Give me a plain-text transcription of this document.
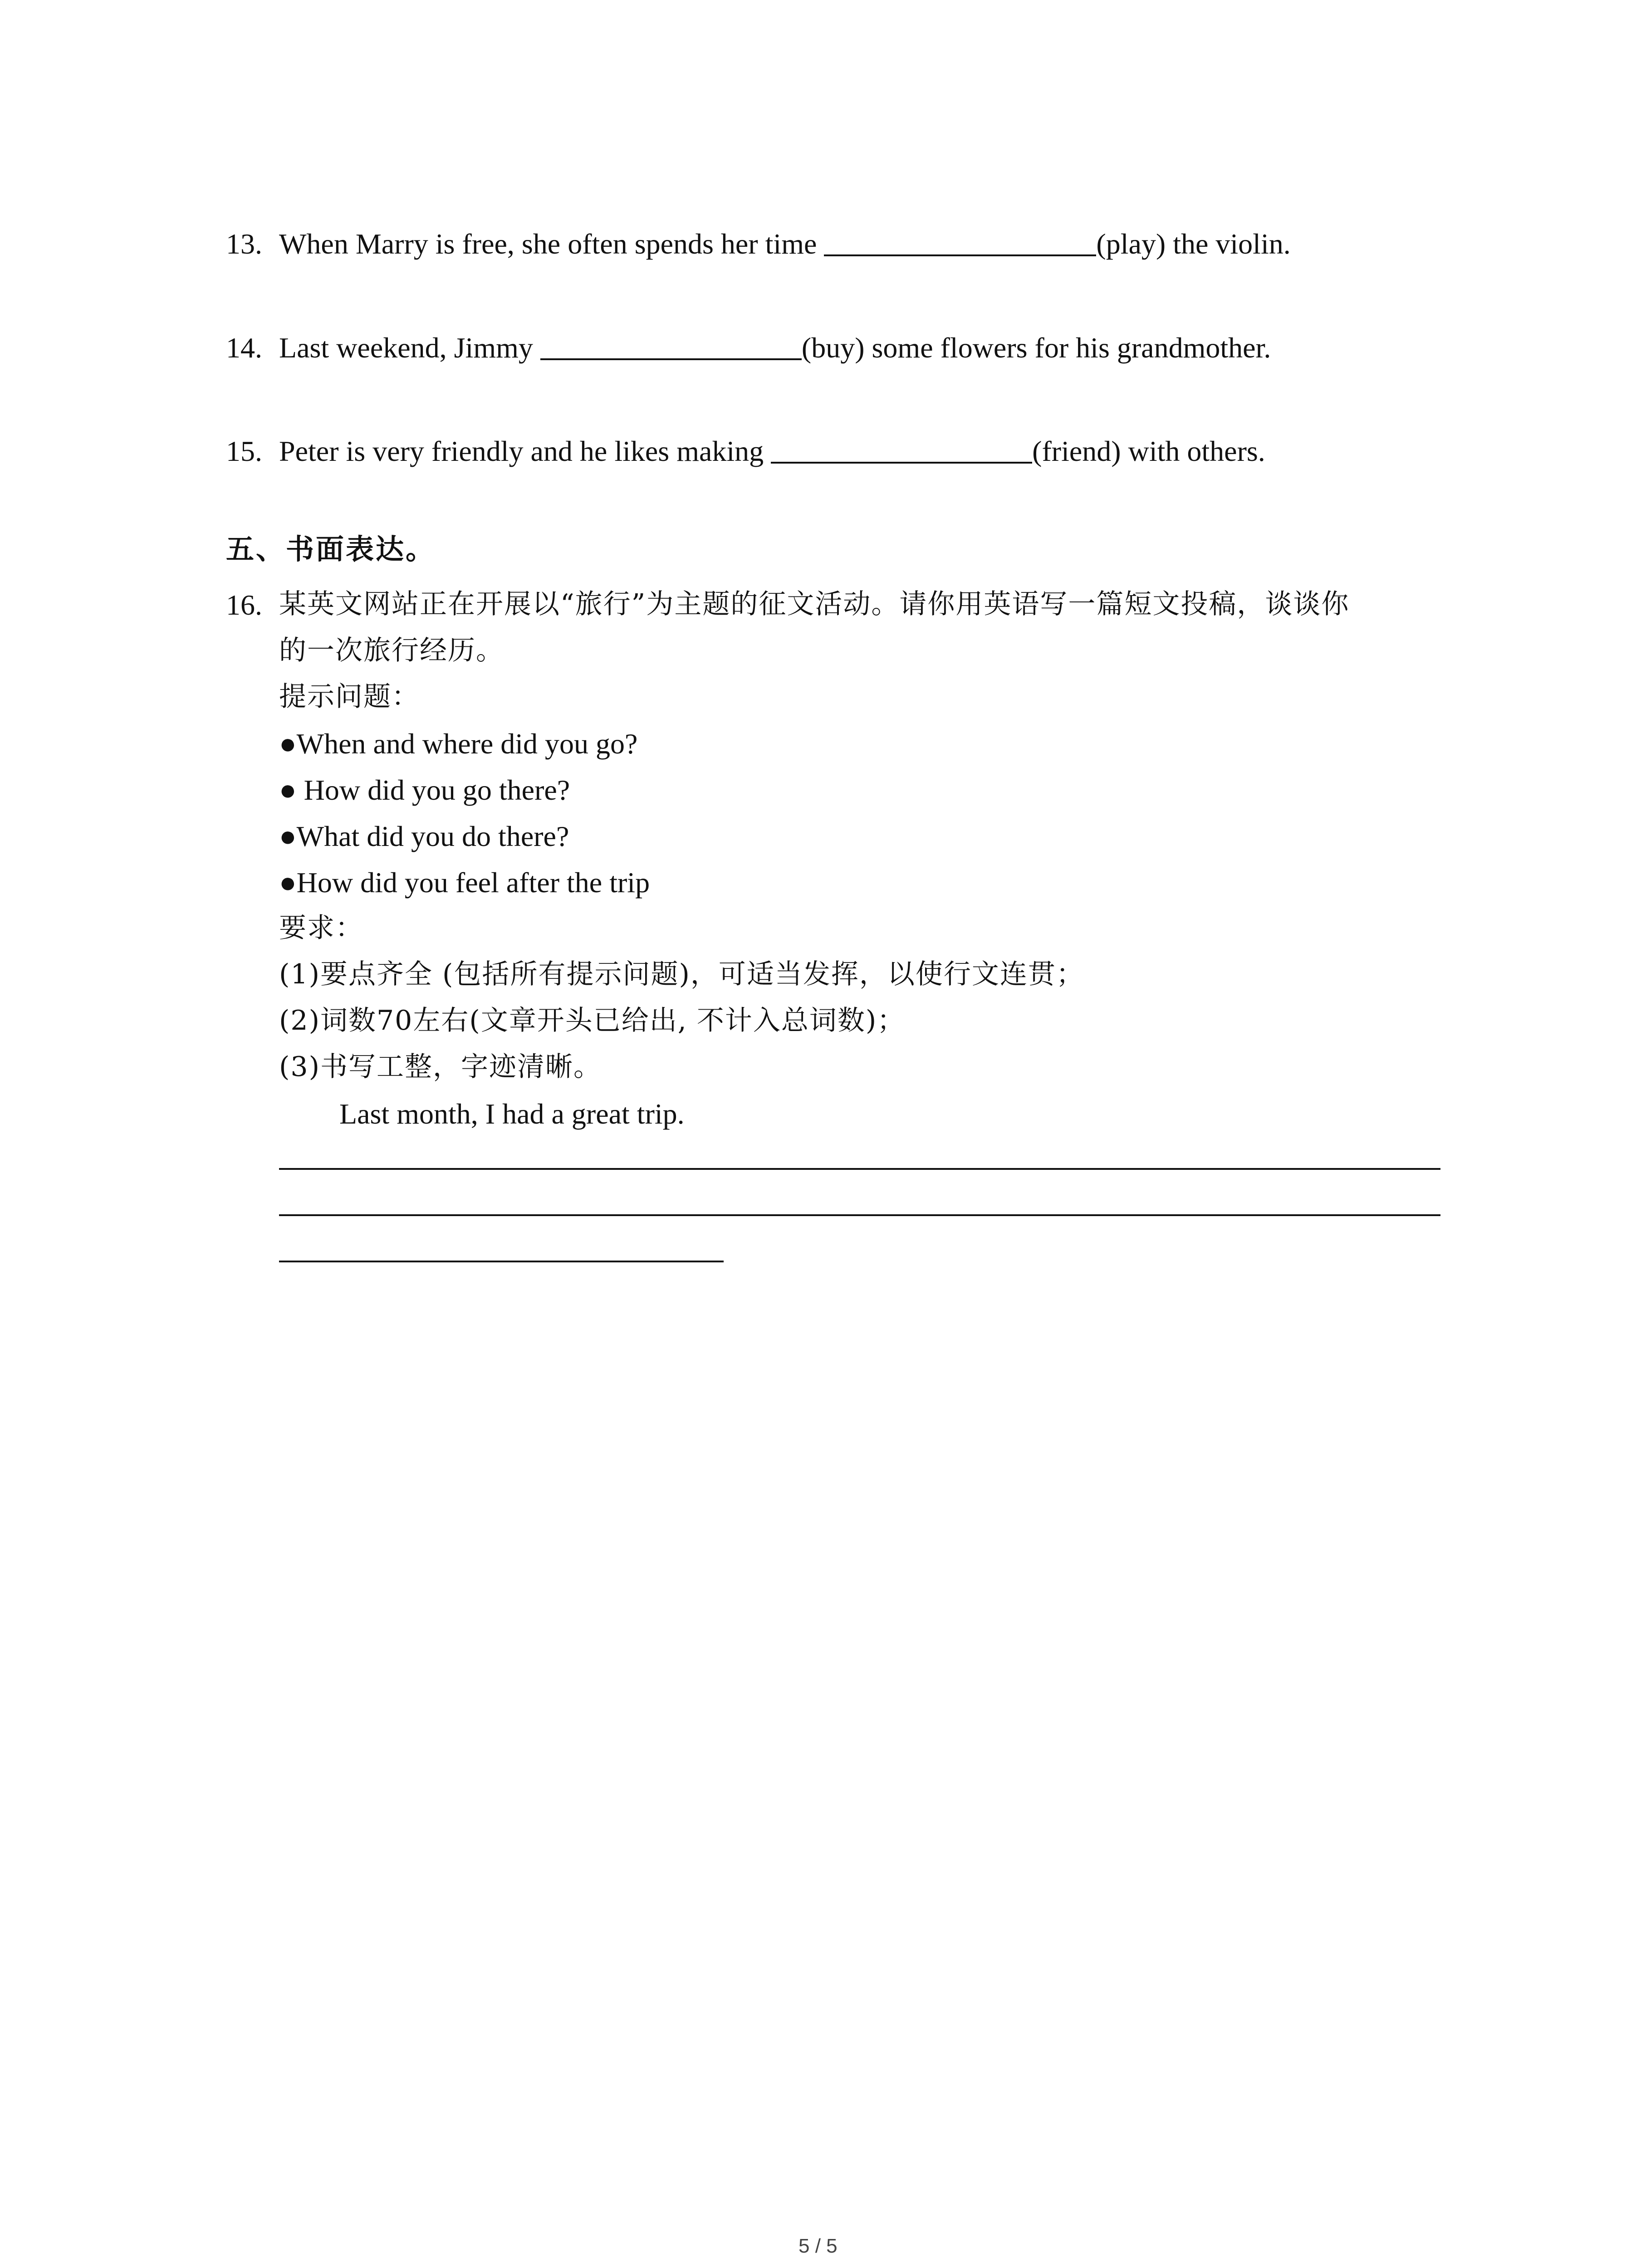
13. When Marry is free, she often spends her time	(play) the violin.
14. Last weekend, Jimmy	(buy) some flowers for his grandmother.
15. Peter is very friendly and he likes making	(friend) with others.
五、书面表达。
16. 某英文网站正在开展以“旅行”为主题的征文活动。请你用英语写一篇短文投稿，谈谈你
的一次旅行经历。
提示问题：
●When and where did you go?
● How did you go there?
●What did you do there?
●How did you feel after the trip
要求：
(1)要点齐全 (包括所有提示问题)，可适当发挥，以使行文连贯；
(2)词数70左右(文章开头已给出, 不计入总词数)；
(3)书写工整，字迹清晰。
Last month, I had a great trip.
5 / 5
